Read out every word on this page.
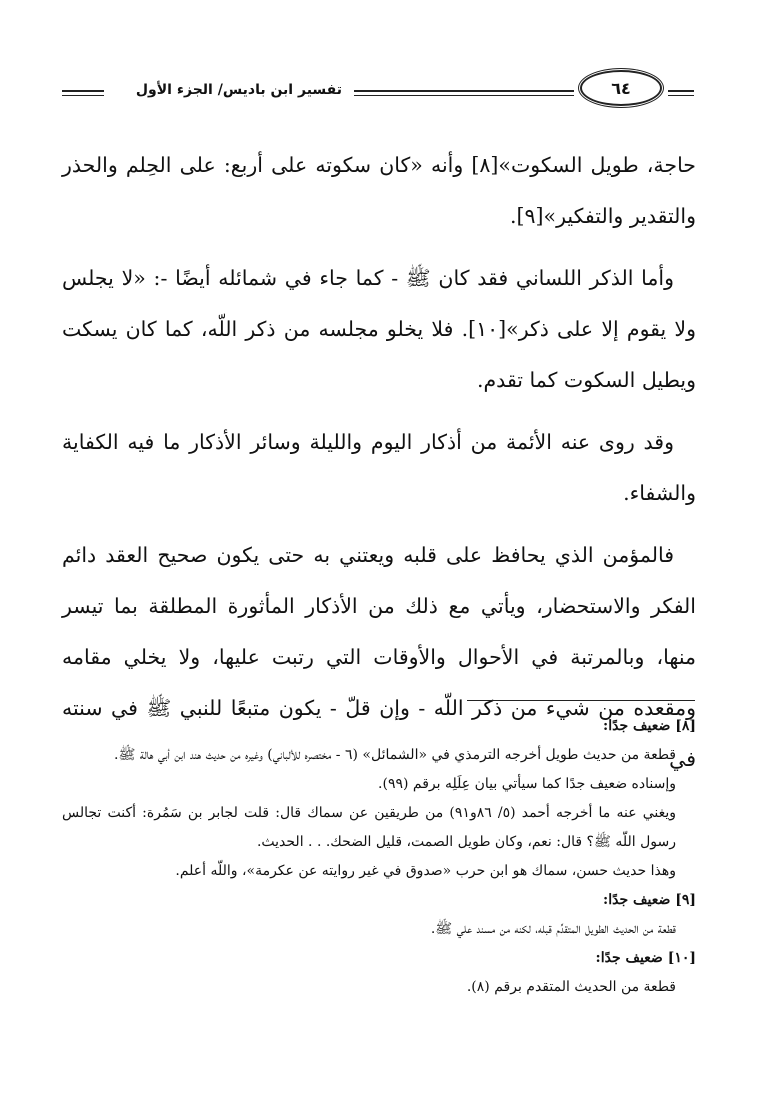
تفسير ابن باديس/ الجزء الأول	٦٤

حاجة، طويل السكوت»[٨] وأنه «كان سكوته على أربع: على الحِلم والحذر والتقدير والتفكير»[٩].

وأما الذكر اللساني فقد كان ﷺ - كما جاء في شمائله أيضًا -: «لا يجلس ولا يقوم إلا على ذكر»[١٠]. فلا يخلو مجلسه من ذكر اللّه، كما كان يسكت ويطيل السكوت كما تقدم.

وقد روى عنه الأئمة من أذكار اليوم والليلة وسائر الأذكار ما فيه الكفاية والشفاء.

فالمؤمن الذي يحافظ على قلبه ويعتني به حتى يكون صحيح العقد دائم الفكر والاستحضار، ويأتي مع ذلك من الأذكار المأثورة المطلقة بما تيسر منها، وبالمرتبة في الأحوال والأوقات التي رتبت عليها، ولا يخلي مقامه ومقعده من شيء من ذكر اللّه - وإن قلّ - يكون متبعًا للنبي ﷺ في سنته في

[٨] ضعيف جدًا:

قطعة من حديث طويل أخرجه الترمذي في «الشمائل» (٦ - مختصره للألباني) وغيره من حديث هند ابن أبي هالة ﷺ.

وإسناده ضعيف جدًا كما سيأتي بيان عِلَلِه برقم (٩٩).

ويغني عنه ما أخرجه أحمد (٥/ ٨٦و٩١) من طريقين عن سماك قال: قلت لجابر بن سَمُرة: أكنت تجالس رسول اللّه ﷺ؟ قال: نعم، وكان طويل الصمت، قليل الضحك. . . الحديث.

وهذا حديث حسن، سماك هو ابن حرب «صدوق في غير روايته عن عكرمة»، واللّه أعلم.

[٩] ضعيف جدًا:

قطعة من الحديث الطويل المتقدِّم قبله، لكنه من مسند علي ﷺ.

[١٠] ضعيف جدًا:

قطعة من الحديث المتقدم برقم (٨).
